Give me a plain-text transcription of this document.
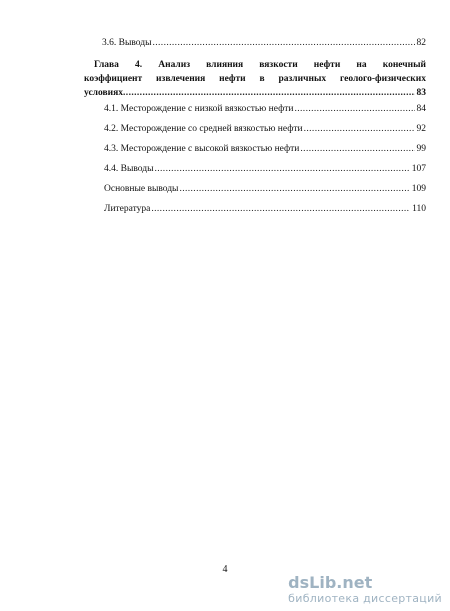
3.6. Выводы .....	82
Глава 4. Анализ влияния вязкости нефти на конечный
коэффициент извлечения нефти в различных геолого-физических
условиях .....	83
4.1. Месторождение с низкой вязкостью нефти .....	84
4.2. Месторождение со средней вязкостью нефти .....	92
4.3. Месторождение с высокой вязкостью нефти .....	99
4.4. Выводы .....	107
Основные выводы .....	109
Литература .....	110
4
dsLib.net
библиотека диссертаций
